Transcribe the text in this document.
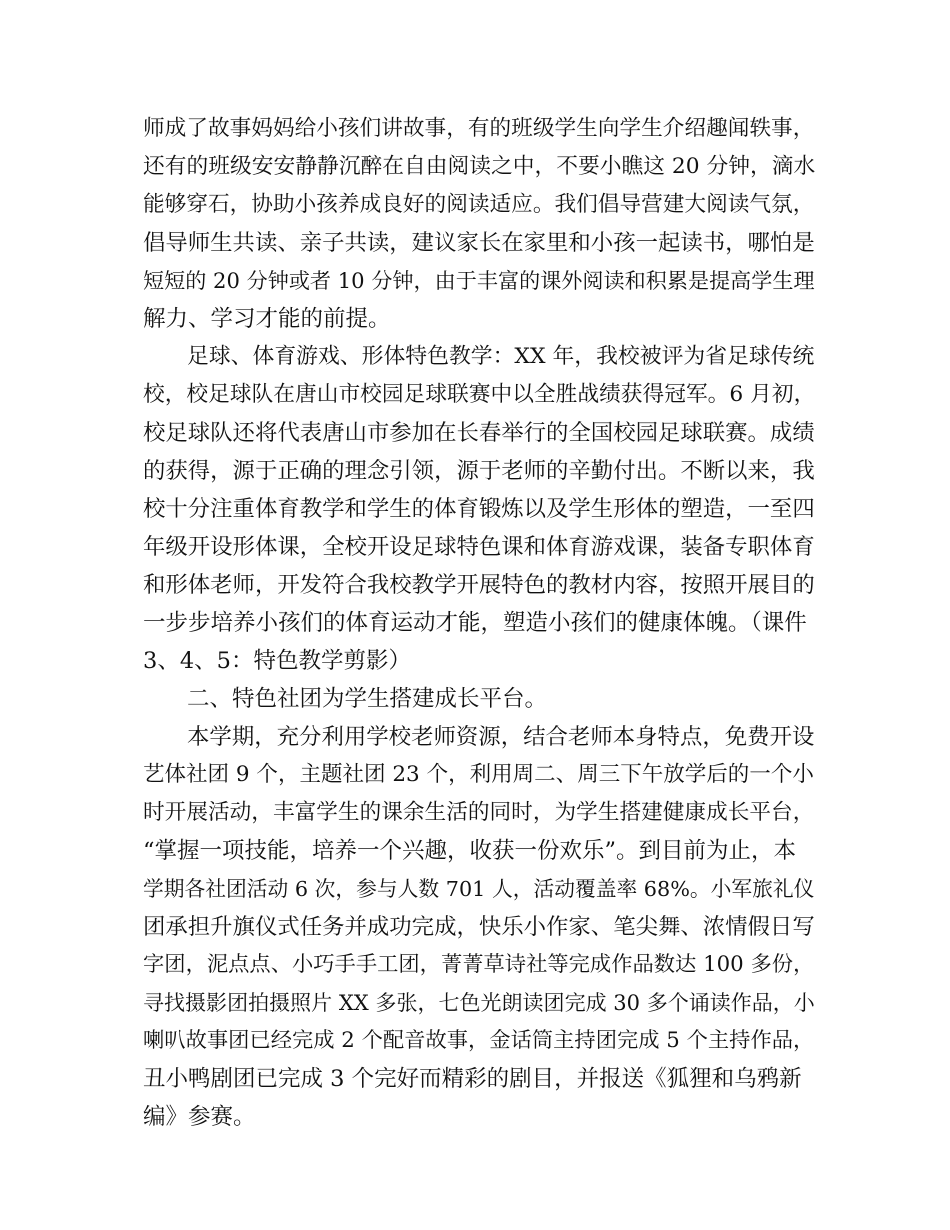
师成了故事妈妈给小孩们讲故事，有的班级学生向学生介绍趣闻轶事，

还有的班级安安静静沉醉在自由阅读之中，不要小瞧这 20 分钟，滴水

能够穿石，协助小孩养成良好的阅读适应。我们倡导营建大阅读气氛，

倡导师生共读、亲子共读，建议家长在家里和小孩一起读书，哪怕是

短短的 20 分钟或者 10 分钟，由于丰富的课外阅读和积累是提高学生理

解力、学习才能的前提。

足球、体育游戏、形体特色教学：XX 年，我校被评为省足球传统

校，校足球队在唐山市校园足球联赛中以全胜战绩获得冠军。6 月初，

校足球队还将代表唐山市参加在长春举行的全国校园足球联赛。成绩

的获得，源于正确的理念引领，源于老师的辛勤付出。不断以来，我

校十分注重体育教学和学生的体育锻炼以及学生形体的塑造，一至四

年级开设形体课，全校开设足球特色课和体育游戏课，装备专职体育

和形体老师，开发符合我校教学开展特色的教材内容，按照开展目的

一步步培养小孩们的体育运动才能，塑造小孩们的健康体魄。（课件

3、4、5：特色教学剪影）

二、特色社团为学生搭建成长平台。

本学期，充分利用学校老师资源，结合老师本身特点，免费开设

艺体社团 9 个，主题社团 23 个，利用周二、周三下午放学后的一个小

时开展活动，丰富学生的课余生活的同时，为学生搭建健康成长平台，

“掌握一项技能，培养一个兴趣，收获一份欢乐”。到目前为止，本

学期各社团活动 6 次，参与人数 701 人，活动覆盖率 68%。小军旅礼仪

团承担升旗仪式任务并成功完成，快乐小作家、笔尖舞、浓情假日写

字团，泥点点、小巧手手工团，菁菁草诗社等完成作品数达 100 多份，

寻找摄影团拍摄照片 XX 多张，七色光朗读团完成 30 多个诵读作品，小

喇叭故事团已经完成 2 个配音故事，金话筒主持团完成 5 个主持作品，

丑小鸭剧团已完成 3 个完好而精彩的剧目，并报送《狐狸和乌鸦新

编》参赛。
